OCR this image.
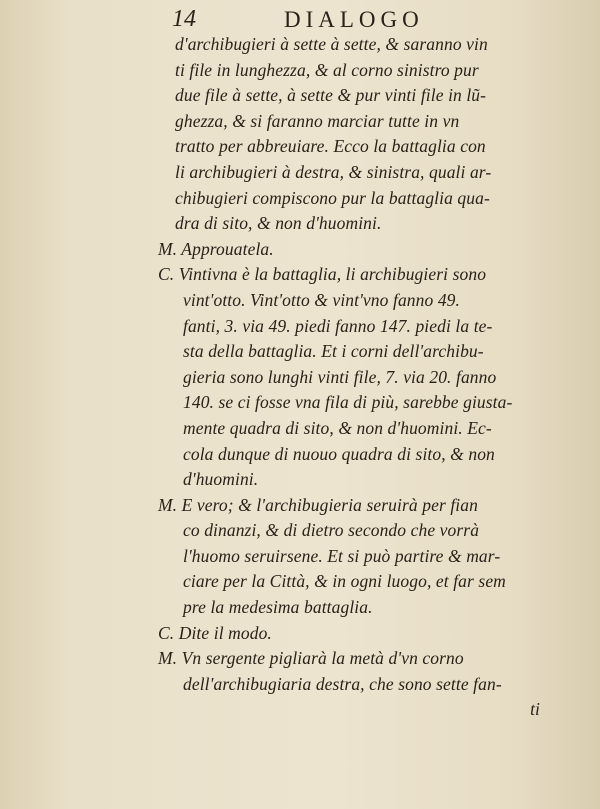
14	DIALOGO
d'archibugieri à sette à sette, & saranno vin
ti file in lunghezza, & al corno sinistro pur
due file à sette, à sette & pur vinti file in lũ-
ghezza, & si faranno marciar tutte in vn
tratto per abbreuiare. Ecco la battaglia con
li archibugieri à destra, & sinistra, quali ar-
chibugieri compiscono pur la battaglia qua-
dra di sito, & non d'huomini.
M. Approuatela.
C. Vintivna è la battaglia, li archibugieri sono
vint'otto. Vint'otto & vint'vno fanno 49.
fanti, 3. via 49. piedi fanno 147. piedi la te-
sta della battaglia. Et i corni dell'archibu-
gieria sono lunghi vinti file, 7. via 20. fanno
140. se ci fosse vna fila di più, sarebbe giusta-
mente quadra di sito, & non d'huomini. Ec-
cola dunque di nuouo quadra di sito, & non
d'huomini.
M. E vero; & l'archibugieria seruirà per fian
co dinanzi, & di dietro secondo che vorrà
l'huomo seruirsene. Et si può partire & mar-
ciare per la Città, & in ogni luogo, et far sem
pre la medesima battaglia.
C. Dite il modo.
M. Vn sergente pigliarà la metà d'vn corno
dell'archibugiaria destra, che sono sette fan-
ti
